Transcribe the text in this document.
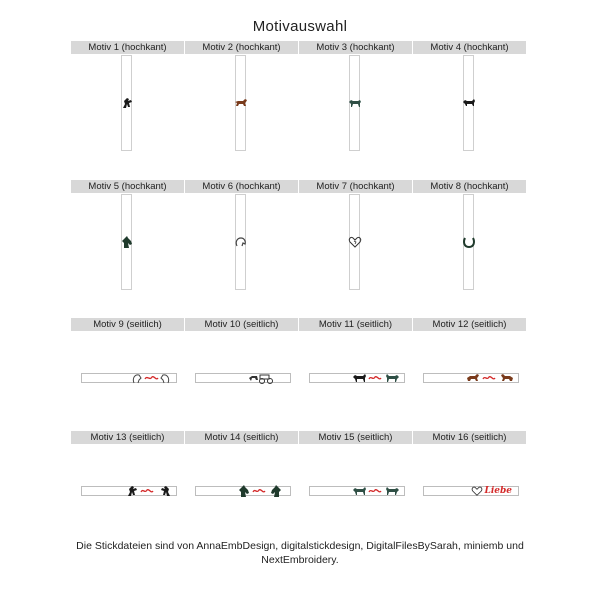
Motivauswahl
Motiv 1 (hochkant)	Motiv 2 (hochkant)	Motiv 3 (hochkant)	Motiv 4 (hochkant)
Motiv 5 (hochkant)	Motiv 6 (hochkant)	Motiv 7 (hochkant)	Motiv 8 (hochkant)
Motiv 9 (seitlich)	Motiv 10 (seitlich)	Motiv 11 (seitlich)	Motiv 12 (seitlich)
Motiv 13 (seitlich)	Motiv 14 (seitlich)	Motiv 15 (seitlich)	Motiv 16 (seitlich)
Liebe
Die Stickdateien sind von AnnaEmbDesign, digitalstickdesign, DigitalFilesBySarah, miniemb und NextEmbroidery.
